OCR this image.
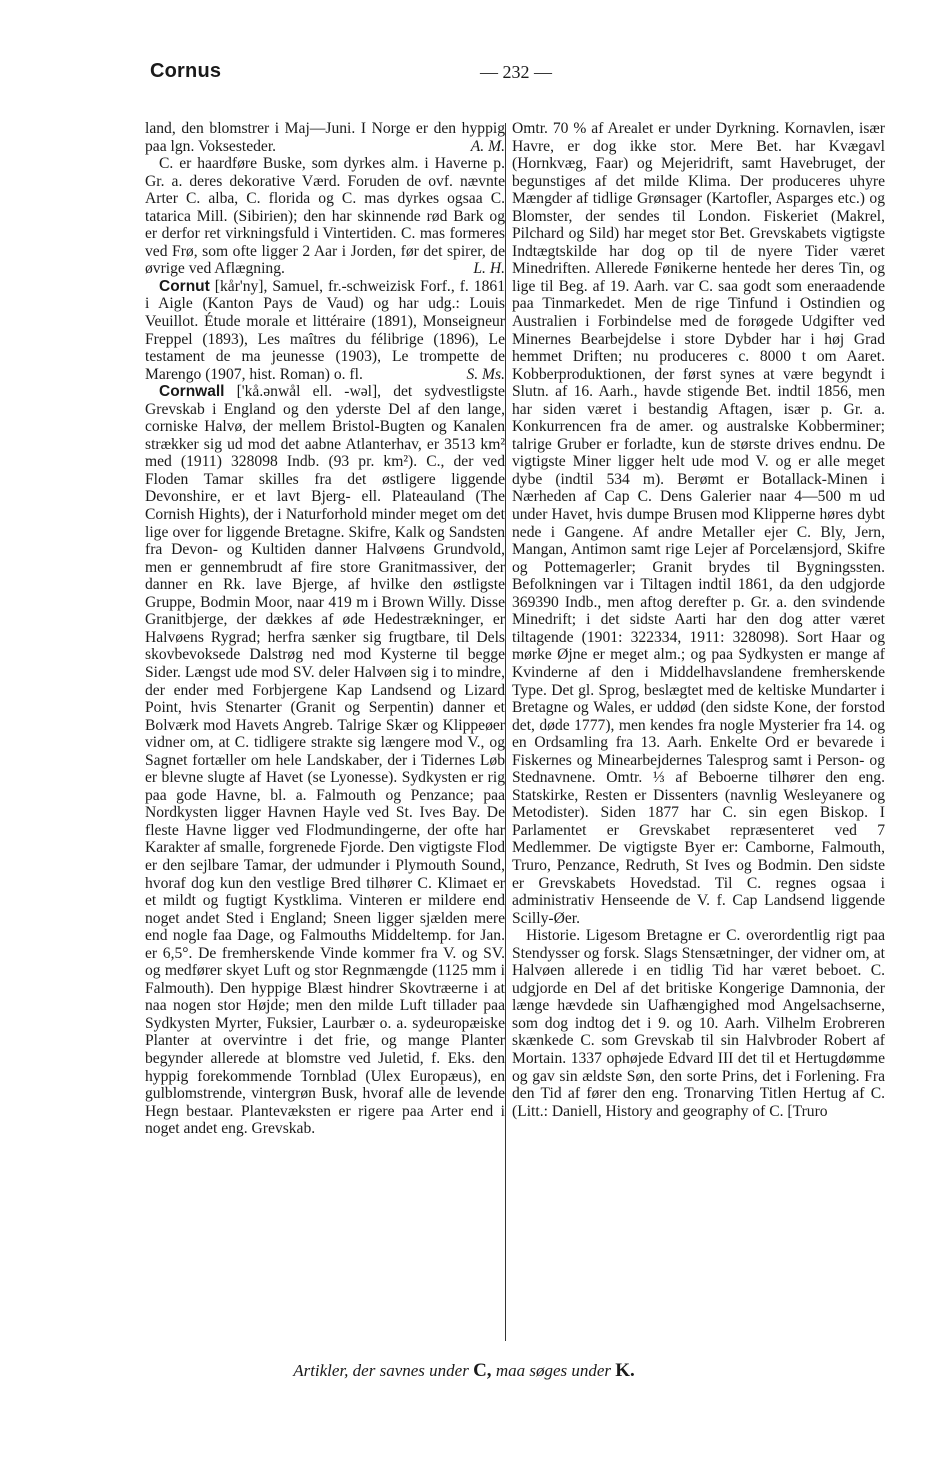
Cornus	— 232 —

land, den blomstrer i Maj—Juni. I Norge er den hyppig paa lgn. Voksesteder.	A. M.

C. er haardføre Buske, som dyrkes alm. i Haverne p. Gr. a. deres dekorative Værd. Foruden de ovf. nævnte Arter C. alba, C. florida og C. mas dyrkes ogsaa C. tatarica Mill. (Sibirien); den har skinnende rød Bark og er derfor ret virkningsfuld i Vintertiden. C. mas formeres ved Frø, som ofte ligger 2 Aar i Jorden, før det spirer, de øvrige ved Aflægning.	L. H.

Cornut [kår'ny], Samuel, fr.-schweizisk Forf., f. 1861 i Aigle (Kanton Pays de Vaud) og har udg.: Louis Veuillot. Étude morale et littéraire (1891), Monseigneur Freppel (1893), Les maîtres du félibrige (1896), Le testament de ma jeunesse (1903), Le trompette de Marengo (1907, hist. Roman) o. fl.	S. Ms.

Cornwall ['kå.ənwål ell. -wəl], det sydvestligste Grevskab i England og den yderste Del af den lange, corniske Halvø, der mellem Bristol-Bugten og Kanalen strækker sig ud mod det aabne Atlanterhav, er 3513 km² med (1911) 328098 Indb. (93 pr. km²). C., der ved Floden Tamar skilles fra det østligere liggende Devonshire, er et lavt Bjerg- ell. Plateauland (The Cornish Hights), der i Naturforhold minder meget om det lige over for liggende Bretagne. Skifre, Kalk og Sandsten fra Devon- og Kultiden danner Halvøens Grundvold, men er gennembrudt af fire store Granitmassiver, der danner en Rk. lave Bjerge, af hvilke den østligste Gruppe, Bodmin Moor, naar 419 m i Brown Willy. Disse Granitbjerge, der dækkes af øde Hedestrækninger, er Halvøens Rygrad; herfra sænker sig frugtbare, til Dels skovbevoksede Dalstrøg ned mod Kysterne til begge Sider. Længst ude mod SV. deler Halvøen sig i to mindre, der ender med Forbjergene Kap Landsend og Lizard Point, hvis Stenarter (Granit og Serpentin) danner et Bolværk mod Havets Angreb. Talrige Skær og Klippeøer vidner om, at C. tidligere strakte sig længere mod V., og Sagnet fortæller om hele Landskaber, der i Tidernes Løb er blevne slugte af Havet (se Lyonesse). Sydkysten er rig paa gode Havne, bl. a. Falmouth og Penzance; paa Nordkysten ligger Havnen Hayle ved St. Ives Bay. De fleste Havne ligger ved Flodmundingerne, der ofte har Karakter af smalle, forgrenede Fjorde. Den vigtigste Flod er den sejlbare Tamar, der udmunder i Plymouth Sound, hvoraf dog kun den vestlige Bred tilhører C. Klimaet er et mildt og fugtigt Kystklima. Vinteren er mildere end noget andet Sted i England; Sneen ligger sjælden mere end nogle faa Dage, og Falmouths Middeltemp. for Jan. er 6,5°. De fremherskende Vinde kommer fra V. og SV. og medfører skyet Luft og stor Regnmængde (1125 mm i Falmouth). Den hyppige Blæst hindrer Skovtræerne i at naa nogen stor Højde; men den milde Luft tillader paa Sydkysten Myrter, Fuksier, Laurbær o. a. sydeuropæiske Planter at overvintre i det frie, og mange Planter begynder allerede at blomstre ved Juletid, f. Eks. den hyppig forekommende Tornblad (Ulex Europæus), en gulblomstrende, vintergrøn Busk, hvoraf alle de levende Hegn bestaar. Plantevæksten er rigere paa Arter end i noget andet eng. Grevskab.

Omtr. 70 % af Arealet er under Dyrkning. Kornavlen, især Havre, er dog ikke stor. Mere Bet. har Kvægavl (Hornkvæg, Faar) og Mejeridrift, samt Havebruget, der begunstiges af det milde Klima. Der produceres uhyre Mængder af tidlige Grønsager (Kartofler, Asparges etc.) og Blomster, der sendes til London. Fiskeriet (Makrel, Pilchard og Sild) har meget stor Bet. Grevskabets vigtigste Indtægtskilde har dog op til de nyere Tider været Minedriften. Allerede Fønikerne hentede her deres Tin, og lige til Beg. af 19. Aarh. var C. saa godt som eneraadende paa Tinmarkedet. Men de rige Tinfund i Ostindien og Australien i Forbindelse med de forøgede Udgifter ved Minernes Bearbejdelse i store Dybder har i høj Grad hemmet Driften; nu produceres c. 8000 t om Aaret. Kobberproduktionen, der først synes at være begyndt i Slutn. af 16. Aarh., havde stigende Bet. indtil 1856, men har siden været i bestandig Aftagen, især p. Gr. a. Konkurrencen fra de amer. og australske Kobberminer; talrige Gruber er forladte, kun de største drives endnu. De vigtigste Miner ligger helt ude mod V. og er alle meget dybe (indtil 534 m). Berømt er Botallack-Minen i Nærheden af Cap C. Dens Galerier naar 4—500 m ud under Havet, hvis dumpe Brusen mod Klipperne høres dybt nede i Gangene. Af andre Metaller ejer C. Bly, Jern, Mangan, Antimon samt rige Lejer af Porcelænsjord, Skifre og Pottemagerler; Granit brydes til Bygningssten. Befolkningen var i Tiltagen indtil 1861, da den udgjorde 369390 Indb., men aftog derefter p. Gr. a. den svindende Minedrift; i det sidste Aarti har den dog atter været tiltagende (1901: 322334, 1911: 328098). Sort Haar og mørke Øjne er meget alm.; og paa Sydkysten er mange af Kvinderne af den i Middelhavslandene fremherskende Type. Det gl. Sprog, beslægtet med de keltiske Mundarter i Bretagne og Wales, er uddød (den sidste Kone, der forstod det, døde 1777), men kendes fra nogle Mysterier fra 14. og en Ordsamling fra 13. Aarh. Enkelte Ord er bevarede i Fiskernes og Minearbejdernes Talesprog samt i Person- og Stednavnene. Omtr. ⅓ af Beboerne tilhører den eng. Statskirke, Resten er Dissenters (navnlig Wesleyanere og Metodister). Siden 1877 har C. sin egen Biskop. I Parlamentet er Grevskabet repræsenteret ved 7 Medlemmer. De vigtigste Byer er: Camborne, Falmouth, Truro, Penzance, Redruth, St Ives og Bodmin. Den sidste er Grevskabets Hovedstad. Til C. regnes ogsaa i administrativ Henseende de V. f. Cap Landsend liggende Scilly-Øer.

Historie. Ligesom Bretagne er C. overordentlig rigt paa Stendysser og forsk. Slags Stensætninger, der vidner om, at Halvøen allerede i en tidlig Tid har været beboet. C. udgjorde en Del af det britiske Kongerige Damnonia, der længe hævdede sin Uafhængighed mod Angelsachserne, som dog indtog det i 9. og 10. Aarh. Vilhelm Erobreren skænkede C. som Grevskab til sin Halvbroder Robert af Mortain. 1337 ophøjede Edvard III det til et Hertugdømme og gav sin ældste Søn, den sorte Prins, det i Forlening. Fra den Tid af fører den eng. Tronarving Titlen Hertug af C. (Litt.: Daniell, History and geography of C. [Truro

Artikler, der savnes under C, maa søges under K.
